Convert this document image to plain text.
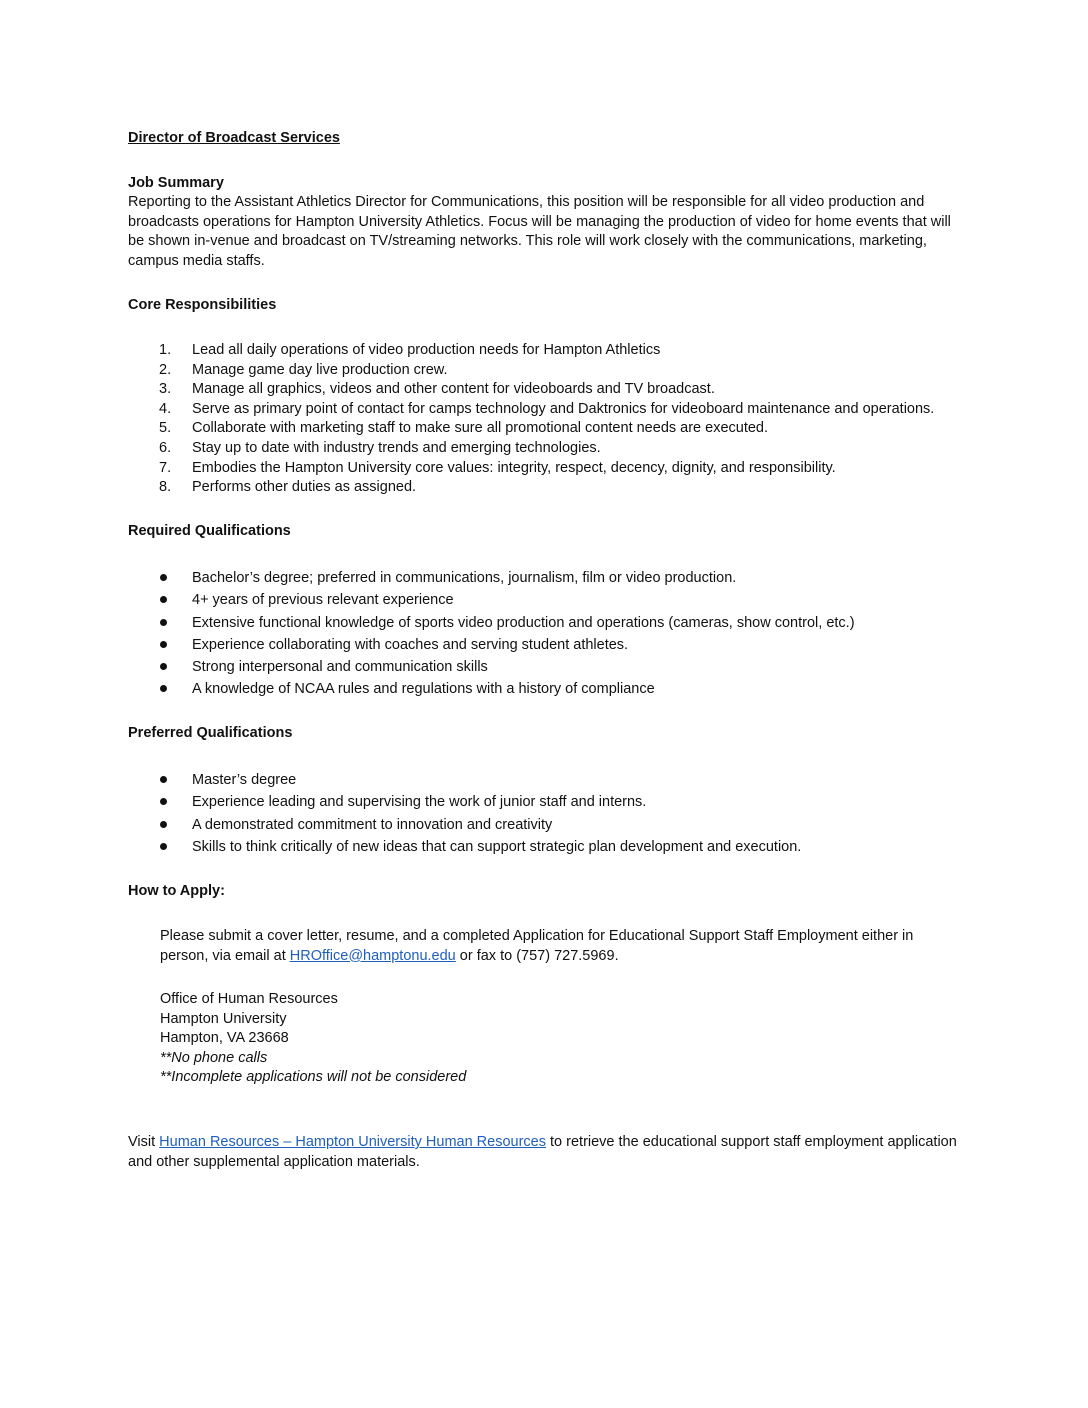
Director of Broadcast Services
Job Summary
Reporting to the Assistant Athletics Director for Communications, this position will be responsible for all video production and broadcasts operations for Hampton University Athletics. Focus will be managing the production of video for home events that will be shown in-venue and broadcast on TV/streaming networks. This role will work closely with the communications, marketing, campus media staffs.
Core Responsibilities
1. Lead all daily operations of video production needs for Hampton Athletics
2. Manage game day live production crew.
3. Manage all graphics, videos and other content for videoboards and TV broadcast.
4. Serve as primary point of contact for camps technology and Daktronics for videoboard maintenance and operations.
5. Collaborate with marketing staff to make sure all promotional content needs are executed.
6. Stay up to date with industry trends and emerging technologies.
7. Embodies the Hampton University core values: integrity, respect, decency, dignity, and responsibility.
8. Performs other duties as assigned.
Required Qualifications
Bachelor’s degree; preferred in communications, journalism, film or video production.
4+ years of previous relevant experience
Extensive functional knowledge of sports video production and operations (cameras, show control, etc.)
Experience collaborating with coaches and serving student athletes.
Strong interpersonal and communication skills
A knowledge of NCAA rules and regulations with a history of compliance
Preferred Qualifications
Master’s degree
Experience leading and supervising the work of junior staff and interns.
A demonstrated commitment to innovation and creativity
Skills to think critically of new ideas that can support strategic plan development and execution.
How to Apply:
Please submit a cover letter, resume, and a completed Application for Educational Support Staff Employment either in person, via email at HROffice@hamptonu.edu or fax to (757) 727.5969.
Office of Human Resources
Hampton University
Hampton, VA 23668
**No phone calls
**Incomplete applications will not be considered
Visit Human Resources – Hampton University Human Resources to retrieve the educational support staff employment application and other supplemental application materials.
